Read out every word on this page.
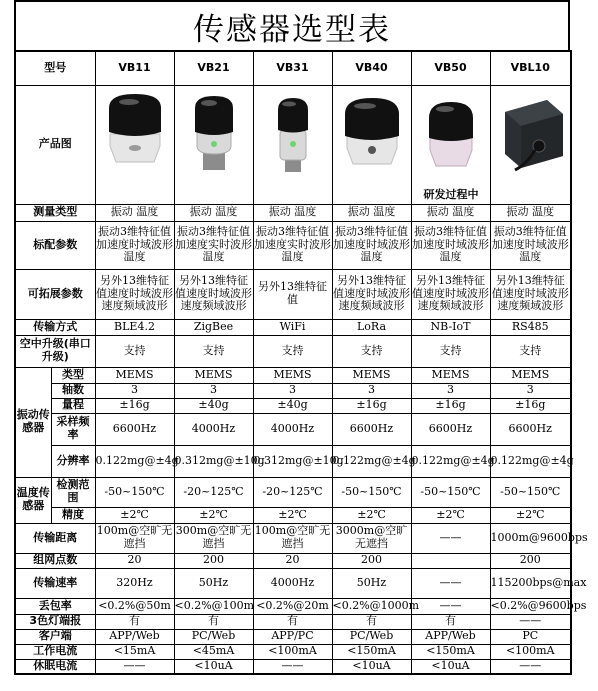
传感器选型表
型号		VB11	VB21	VB31	VB40	VB50	VBL10
产品图						研发过程中

测量类型		振动 温度	振动 温度	振动 温度	振动 温度	振动 温度	振动 温度
标配参数		振动3维特征值加速度时域波形温度	振动3维特征值加速度实时波形温度	振动3维特征值加速度实时波形温度	振动3维特征值加速度时域波形温度	振动3维特征值加速度时域波形温度	振动3维特征值加速度时域波形温度
可拓展参数		另外13维特征值速度时域波形速度频域波形	另外13维特征值速度时域波形速度频域波形	另外13维特征值	另外13维特征值速度时域波形速度频域波形	另外13维特征值速度时域波形速度频域波形	另外13维特征值速度时域波形速度频域波形
传输方式		BLE4.2	ZigBee	WiFi	LoRa	NB-IoT	RS485
空中升级(串口升级)		支持	支持	支持	支持	支持	支持
振动传感器	类型	MEMS	MEMS	MEMS	MEMS	MEMS	MEMS
	轴数	3	3	3	3	3	3
	量程	±16g	±40g	±40g	±16g	±16g	±16g
	采样频率	6600Hz	4000Hz	4000Hz	6600Hz	6600Hz	6600Hz
	分辨率	0.122mg@±4g	0.312mg@±10g	0.312mg@±10g	0.122mg@±4g	0.122mg@±4g	0.122mg@±4g
温度传感器	检测范围	-50~150℃	-20~125℃	-20~125℃	-50~150℃	-50~150℃	-50~150℃
	精度	±2℃	±2℃	±2℃	±2℃	±2℃	±2℃
传输距离		100m@空旷无遮挡	300m@空旷无遮挡	100m@空旷无遮挡	3000m@空旷无遮挡	——	1000m@9600bps
组网点数		20	200	20	200		200
传输速率		320Hz	50Hz	4000Hz	50Hz	——	115200bps@max
丢包率		<0.2%@50m	<0.2%@100m	<0.2%@20m	<0.2%@1000m	——	<0.2%@9600bps
3色灯端报		有	有	有	有	有	——
客户端		APP/Web	PC/Web	APP/PC	PC/Web	APP/Web	PC
工作电流		<15mA	<45mA	<100mA	<150mA	<150mA	<100mA
休眠电流		——	<10uA	——	<10uA	<10uA	——
